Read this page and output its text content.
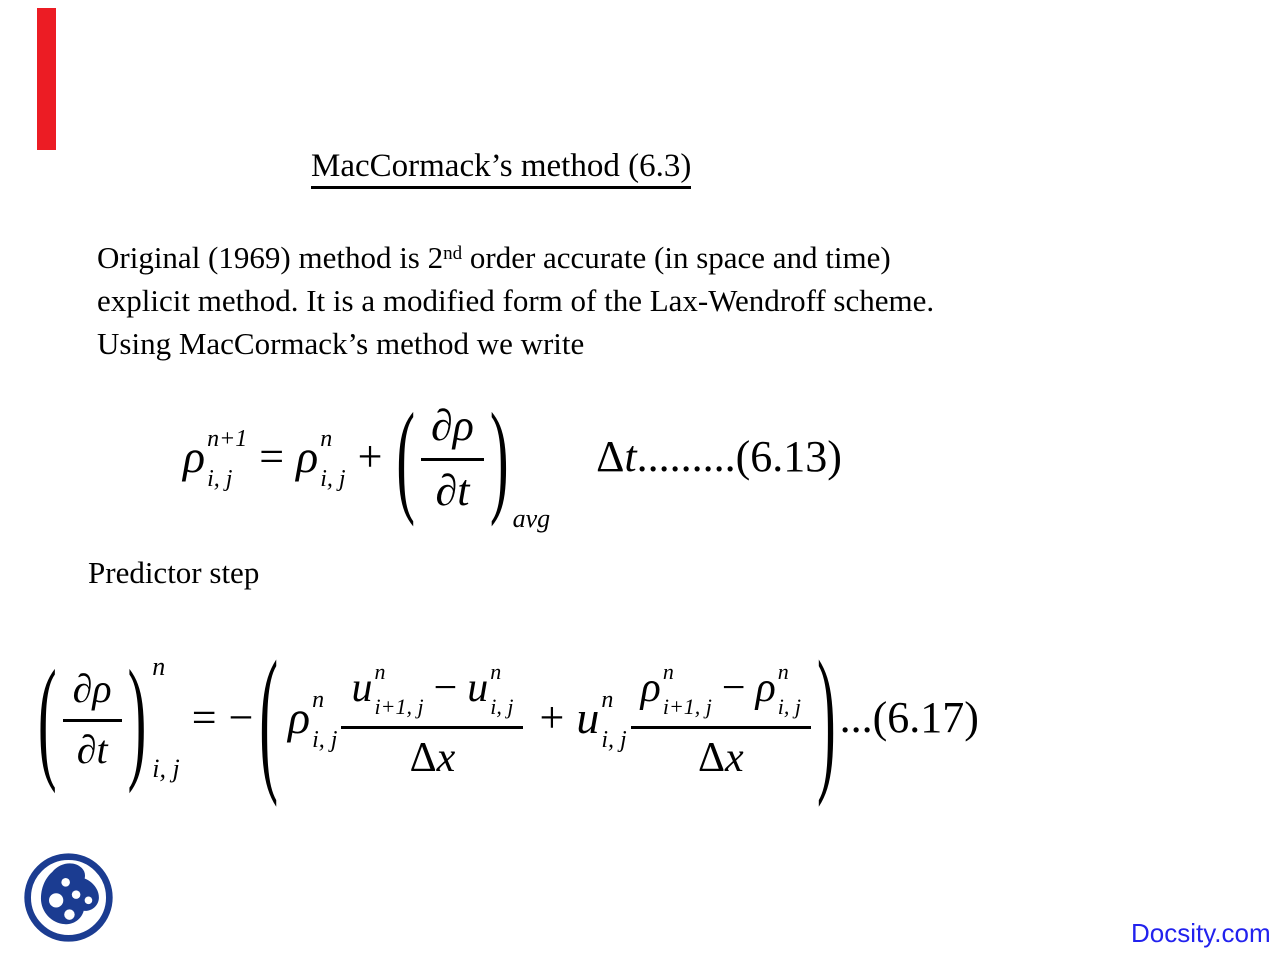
MacCormack’s method (6.3)
Original (1969) method is 2nd order accurate (in space and time)
explicit method. It is a modified form of the Lax-Wendroff scheme.
Using MacCormack’s method we write
ρ n+1
i, j = ρ n
i, j + ( $\frac{\partial\rho}{\partial t}$ ) avg
Δt.........(6.13)
Predictor step
( $\frac{\partial\rho}{\partial t}$ ) n
i, j
= − ( ρ n
i, j
u n
i+1, j − u n
i, j
Δ x
+ u n
i, j
ρ n
i+1, j − ρ n
i, j
Δ x ) ...(6.17)
Docsity.com
